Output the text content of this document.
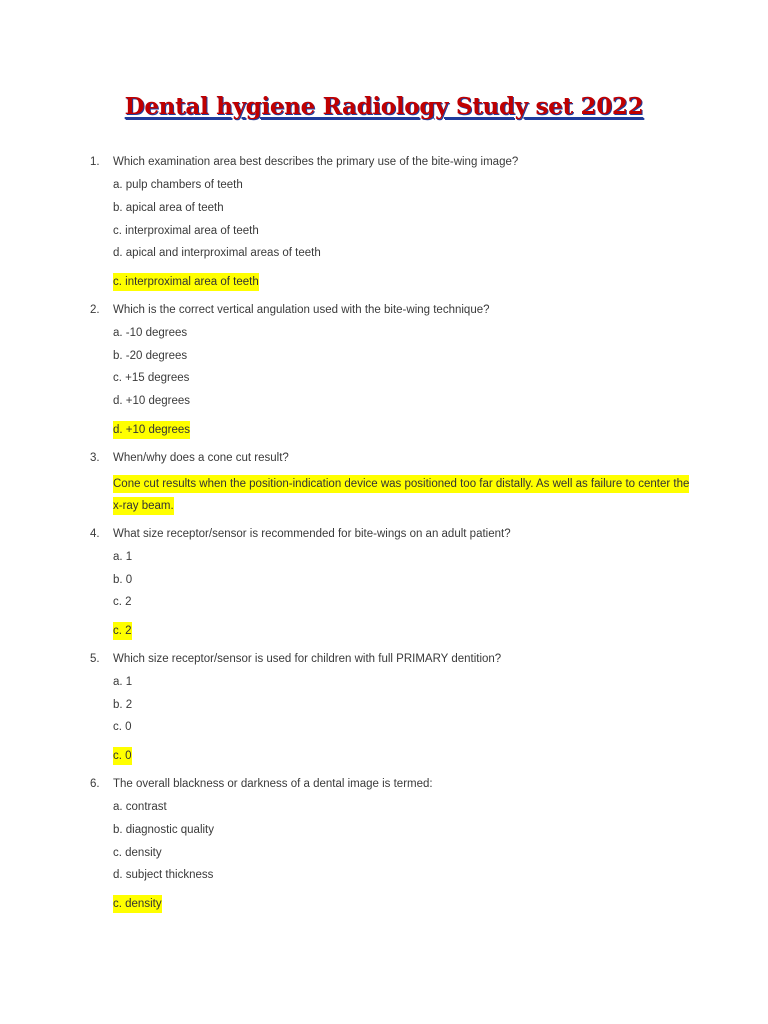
Dental hygiene Radiology Study set 2022
1.	Which examination area best describes the primary use of the bite-wing image?
a. pulp chambers of teeth
b. apical area of teeth
c. interproximal area of teeth
d. apical and interproximal areas of teeth
c. interproximal area of teeth
2.	Which is the correct vertical angulation used with the bite-wing technique?
a. -10 degrees
b. -20 degrees
c. +15 degrees
d. +10 degrees
d. +10 degrees
3.	When/why does a cone cut result?
Cone cut results when the position-indication device was positioned too far distally. As well as failure to center the x-ray beam.
4.	What size receptor/sensor is recommended for bite-wings on an adult patient?
a. 1
b. 0
c. 2
c. 2
5.	Which size receptor/sensor is used for children with full PRIMARY dentition?
a. 1
b. 2
c. 0
c. 0
6.	The overall blackness or darkness of a dental image is termed:
a. contrast
b. diagnostic quality
c. density
d. subject thickness
c. density
